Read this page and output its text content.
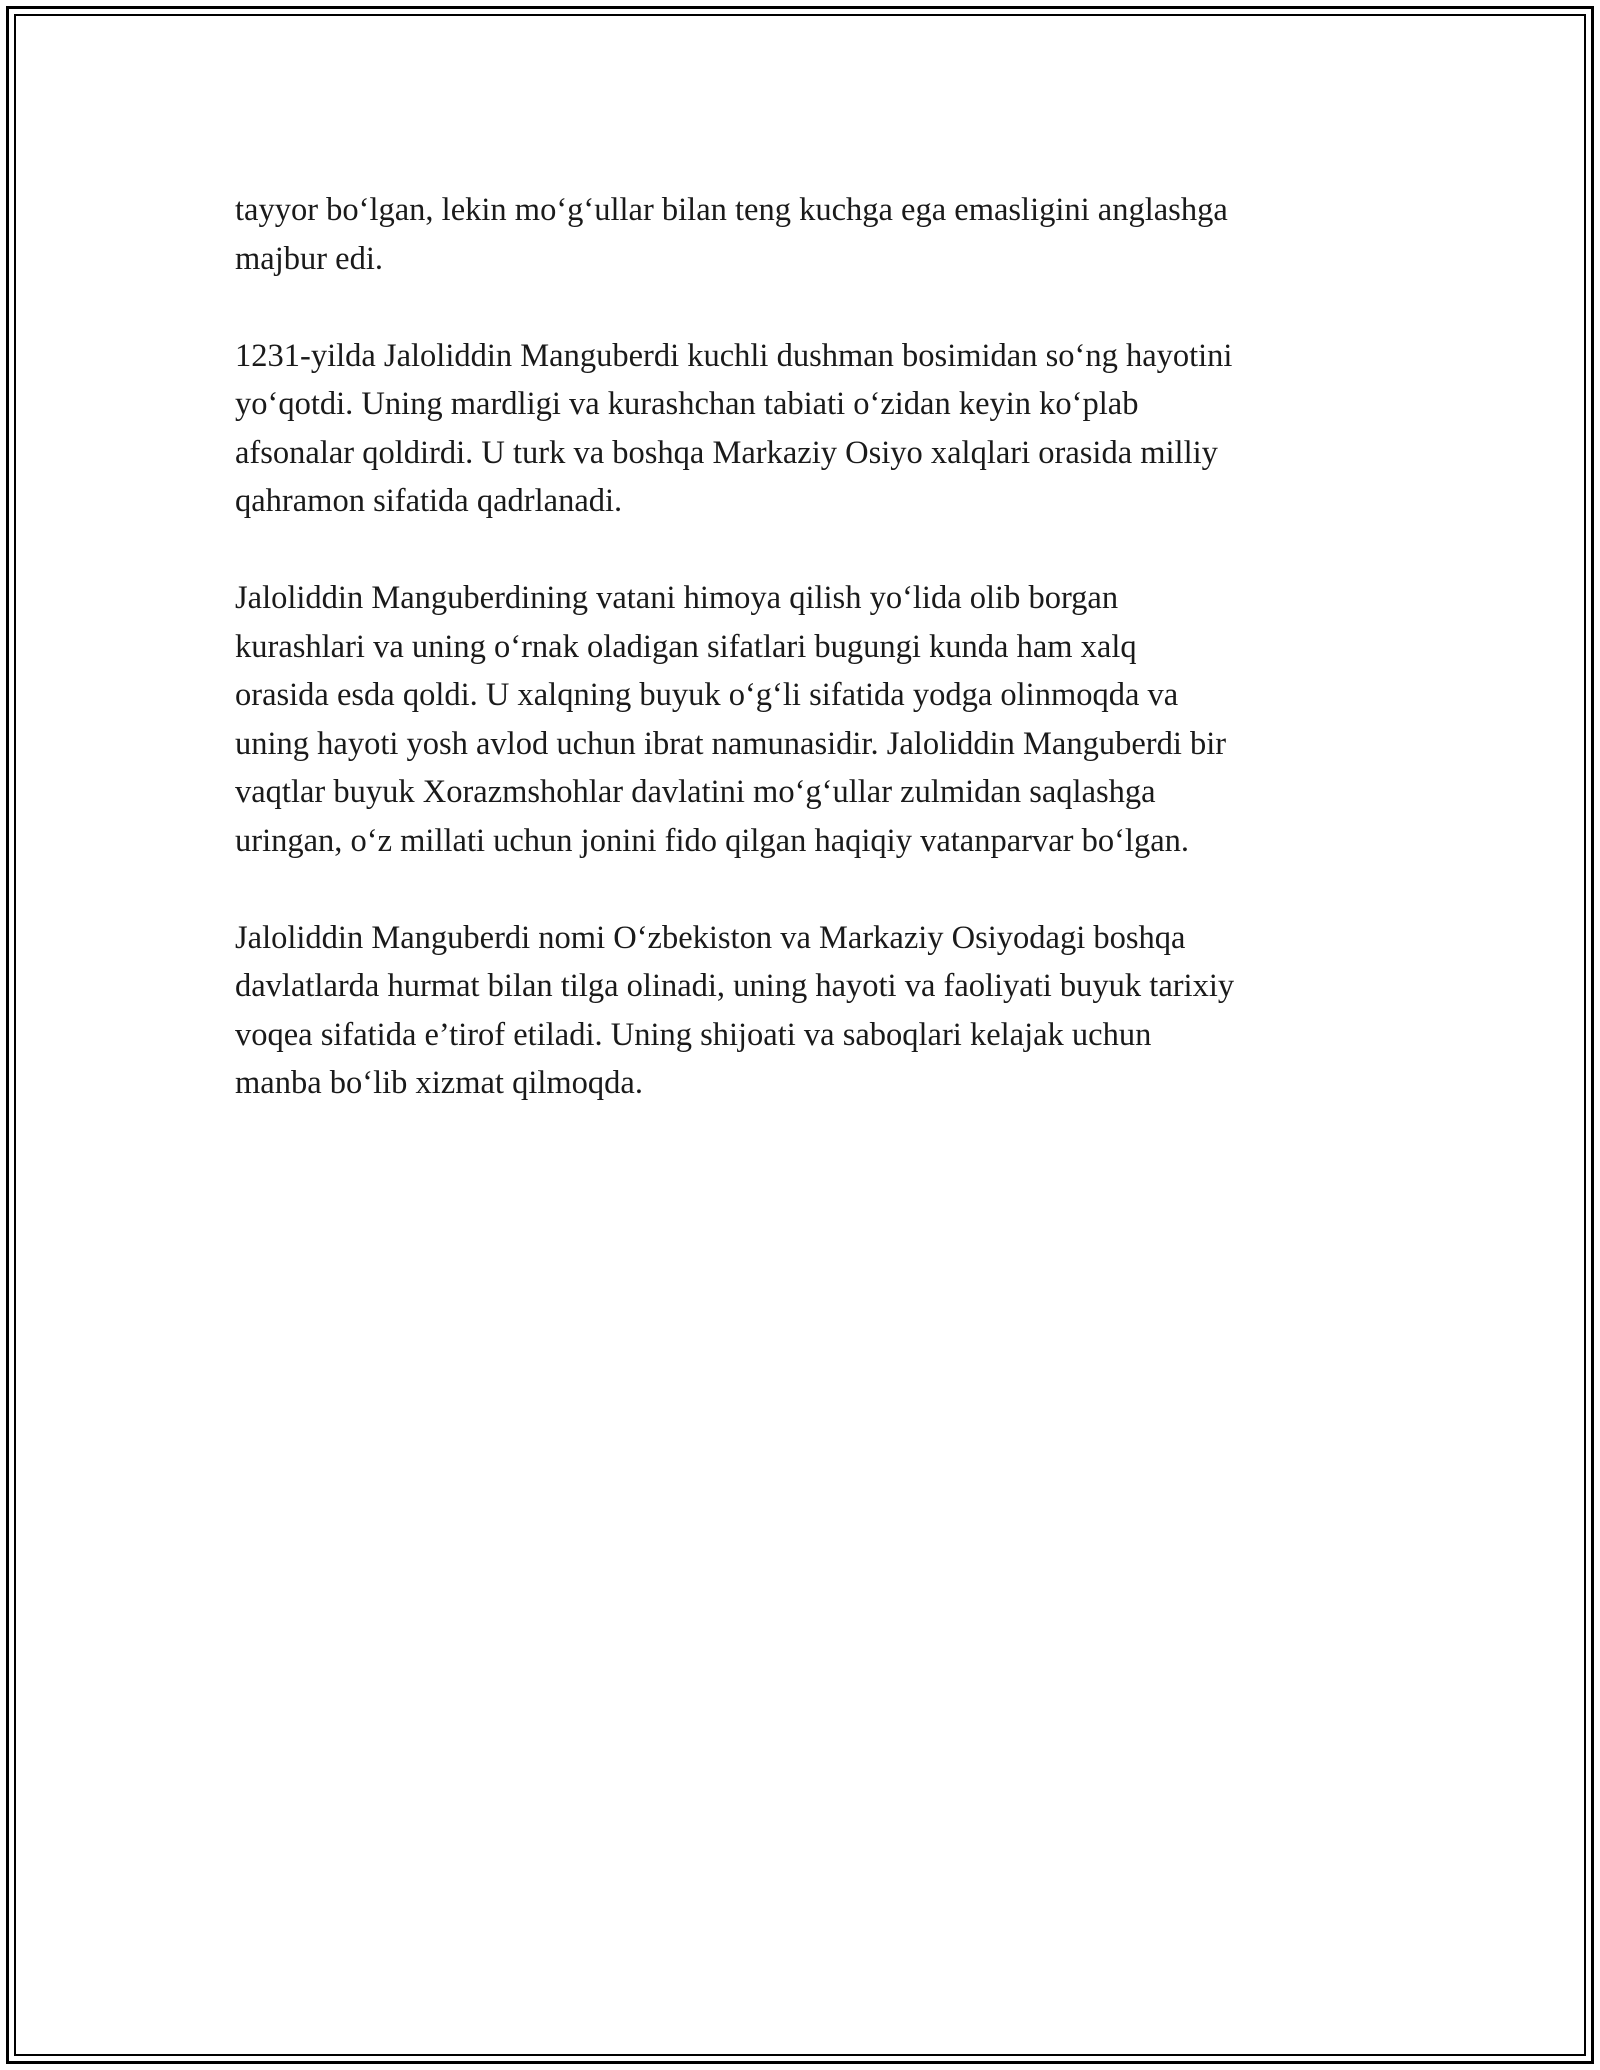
tayyor bo‘lgan, lekin mo‘g‘ullar bilan teng kuchga ega emasligini anglashga
majbur edi.

1231-yilda Jaloliddin Manguberdi kuchli dushman bosimidan so‘ng hayotini
yo‘qotdi. Uning mardligi va kurashchan tabiati o‘zidan keyin ko‘plab
afsonalar qoldirdi. U turk va boshqa Markaziy Osiyo xalqlari orasida milliy
qahramon sifatida qadrlanadi.

Jaloliddin Manguberdining vatani himoya qilish yo‘lida olib borgan
kurashlari va uning o‘rnak oladigan sifatlari bugungi kunda ham xalq
orasida esda qoldi. U xalqning buyuk o‘g‘li sifatida yodga olinmoqda va
uning hayoti yosh avlod uchun ibrat namunasidir. Jaloliddin Manguberdi bir
vaqtlar buyuk Xorazmshohlar davlatini mo‘g‘ullar zulmidan saqlashga
uringan, o‘z millati uchun jonini fido qilgan haqiqiy vatanparvar bo‘lgan.

Jaloliddin Manguberdi nomi O‘zbekiston va Markaziy Osiyodagi boshqa
davlatlarda hurmat bilan tilga olinadi, uning hayoti va faoliyati buyuk tarixiy
voqea sifatida e’tirof etiladi. Uning shijoati va saboqlari kelajak uchun
manba bo‘lib xizmat qilmoqda.
